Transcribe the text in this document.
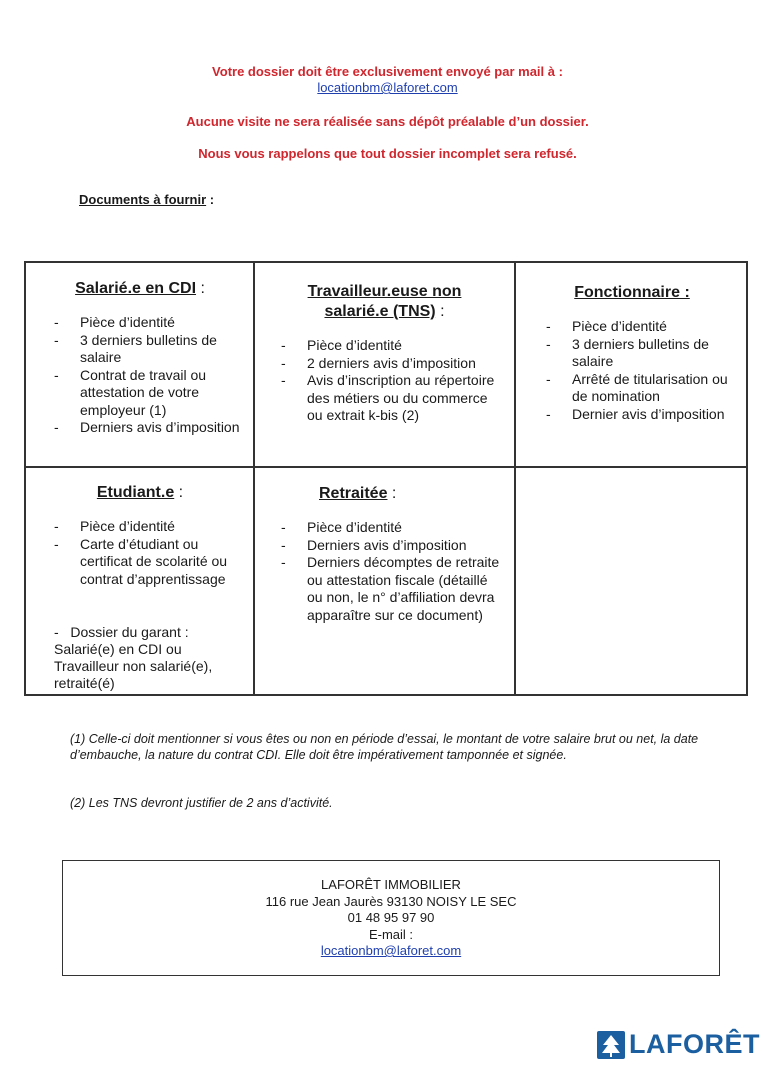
Votre dossier doit être exclusivement envoyé par mail à :
locationbm@laforet.com
Aucune visite ne sera réalisée sans dépôt préalable d’un dossier.
Nous vous rappelons que tout dossier incomplet sera refusé.
Documents à fournir :
Salarié.e en CDI :
- Pièce d’identité
- 3 derniers bulletins de salaire
- Contrat de travail ou attestation de votre employeur (1)
- Derniers avis d’imposition
Travailleur.euse non
salarié.e (TNS) :
- Pièce d’identité
- 2 derniers avis d’imposition
- Avis d’inscription au répertoire des métiers ou du commerce ou extrait k-bis (2)
Fonctionnaire :
- Pièce d’identité
- 3 derniers bulletins de salaire
- Arrêté de titularisation ou de nomination
- Dernier avis d’imposition
Etudiant.e :
- Pièce d’identité
- Carte d’étudiant ou certificat de scolarité ou contrat d’apprentissage
-   Dossier du garant : Salarié(e) en CDI ou Travailleur non salarié(e), retraité(é)
Retraitée :
- Pièce d’identité
- Derniers avis d’imposition
- Derniers décomptes de retraite ou attestation fiscale (détaillé ou non, le n° d’affiliation devra apparaître sur ce document)
(1) Celle-ci doit mentionner si vous êtes ou non en période d’essai, le montant de votre salaire brut ou net, la date d’embauche, la nature du contrat CDI. Elle doit être impérativement tamponnée et signée.
(2) Les TNS devront justifier de 2 ans d’activité.
LAFORÊT IMMOBILIER
116 rue Jean Jaurès 93130 NOISY LE SEC
01 48 95 97 90
E-mail :
locationbm@laforet.com
LAFORÊT
